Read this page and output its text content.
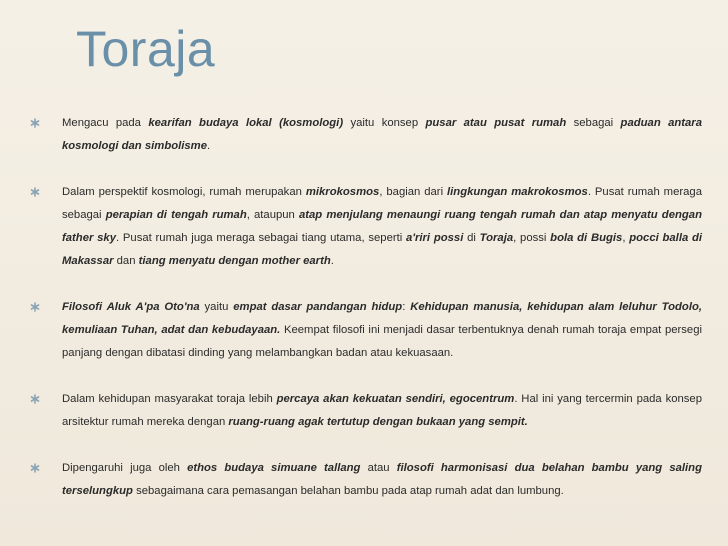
Toraja

Mengacu pada kearifan budaya lokal (kosmologi) yaitu konsep pusar atau pusat rumah sebagai paduan antara kosmologi dan simbolisme.

Dalam perspektif kosmologi, rumah merupakan mikrokosmos, bagian dari lingkungan makrokosmos. Pusat rumah meraga sebagai perapian di tengah rumah, ataupun atap menjulang menaungi ruang tengah rumah dan atap menyatu dengan father sky. Pusat rumah juga meraga sebagai tiang utama, seperti a'riri possi di Toraja, possi bola di Bugis, pocci balla di Makassar dan tiang menyatu dengan mother earth.

Filosofi Aluk A'pa Oto'na yaitu empat dasar pandangan hidup: Kehidupan manusia, kehidupan alam leluhur Todolo, kemuliaan Tuhan, adat dan kebudayaan. Keempat filosofi ini menjadi dasar terbentuknya denah rumah toraja empat persegi panjang dengan dibatasi dinding yang melambangkan badan atau kekuasaan.

Dalam kehidupan masyarakat toraja lebih percaya akan kekuatan sendiri, egocentrum. Hal ini yang tercermin pada konsep arsitektur rumah mereka dengan ruang-ruang agak tertutup dengan bukaan yang sempit.

Dipengaruhi juga oleh ethos budaya simuane tallang atau filosofi harmonisasi dua belahan bambu yang saling terselungkup sebagaimana cara pemasangan belahan bambu pada atap rumah adat dan lumbung.
